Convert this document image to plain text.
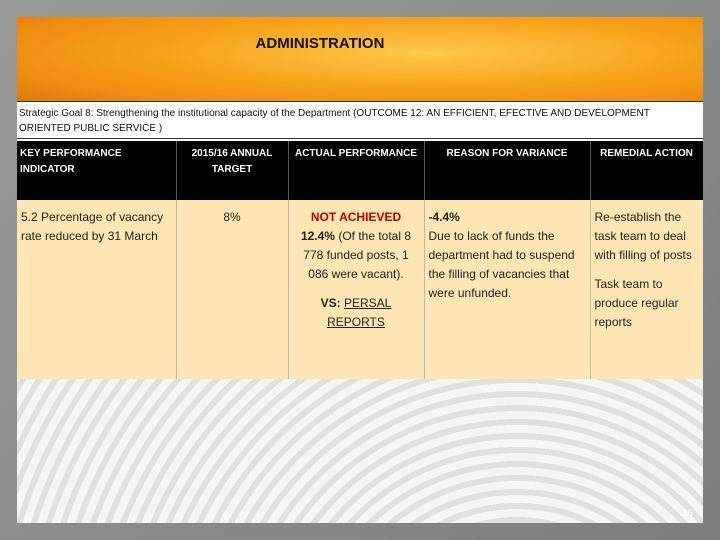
ADMINISTRATION
Strategic Goal 8: Strengthening the institutional capacity of the Department (OUTCOME 12: AN EFFICIENT, EFECTIVE AND DEVELOPMENT ORIENTED PUBLIC SERVICE )
KEY PERFORMANCE INDICATOR	2015/16 ANNUAL TARGET	ACTUAL PERFORMANCE	REASON FOR VARIANCE	REMEDIAL ACTION

5.2 Percentage of vacancy rate reduced by 31 March	8%	NOT ACHIEVED
12.4% (Of the total 8 778 funded posts, 1 086 were vacant).
VS: PERSAL REPORTS	-4.4%
Due to lack of funds the department had to suspend the filling of vacancies that were unfunded.	Re-establish the task team to deal with filling of posts
Task team to produce regular reports
16
